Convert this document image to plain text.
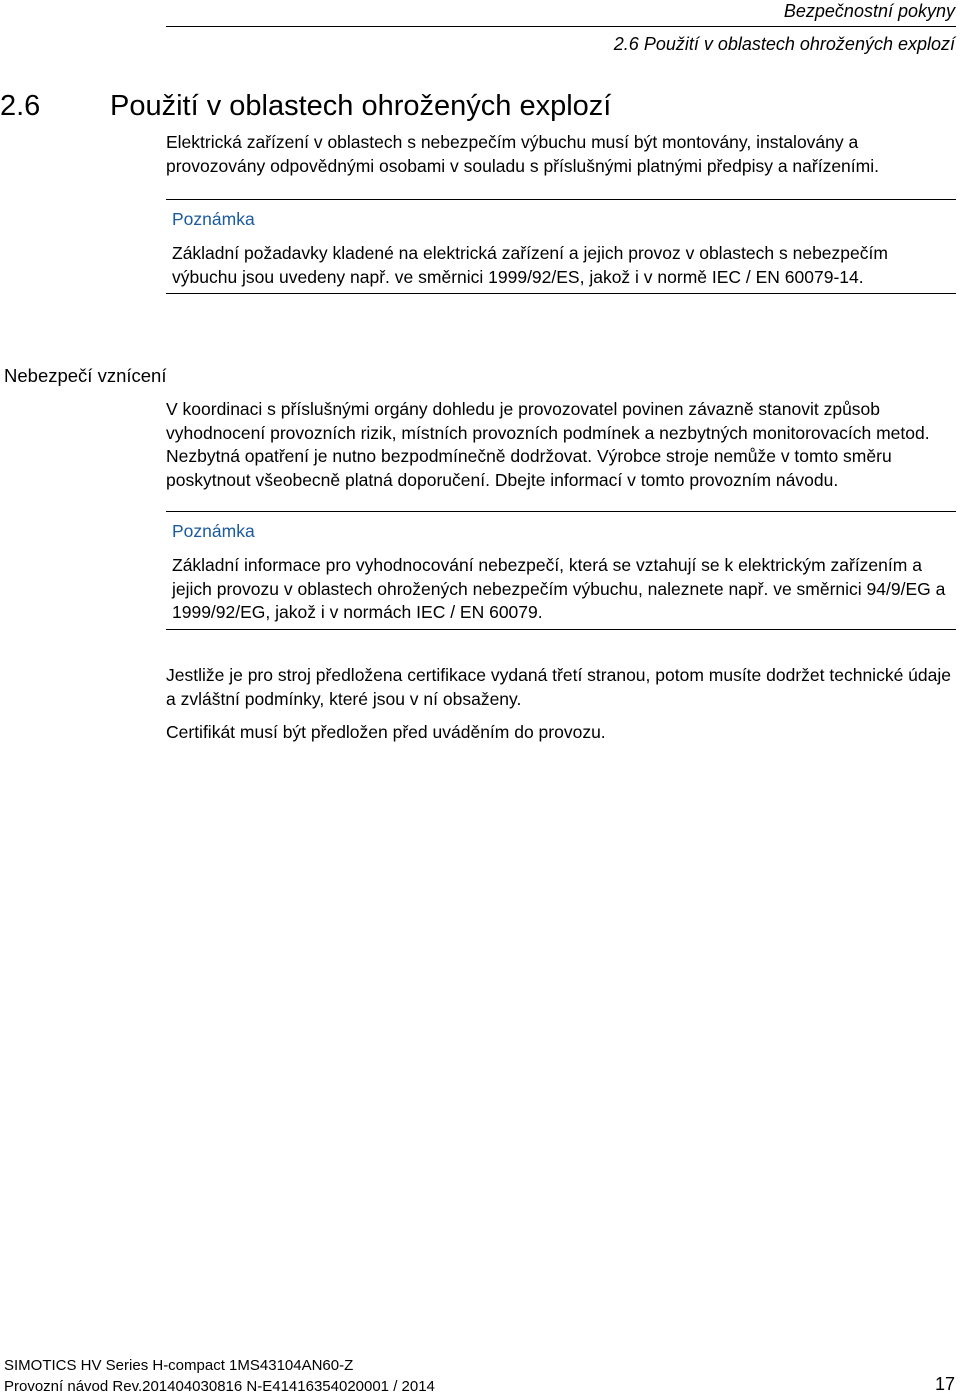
Bezpečnostní pokyny
2.6 Použití v oblastech ohrožených explozí
2.6 Použití v oblastech ohrožených explozí
Elektrická zařízení v oblastech s nebezpečím výbuchu musí být montovány, instalovány a provozovány odpovědnými osobami v souladu s příslušnými platnými předpisy a nařízeními.
Poznámka
Základní požadavky kladené na elektrická zařízení a jejich provoz v oblastech s nebezpečím výbuchu jsou uvedeny např. ve směrnici 1999/92/ES, jakož i v normě IEC / EN 60079-14.
Nebezpečí vznícení
V koordinaci s příslušnými orgány dohledu je provozovatel povinen závazně stanovit způsob vyhodnocení provozních rizik, místních provozních podmínek a nezbytných monitorovacích metod. Nezbytná opatření je nutno bezpodmínečně dodržovat. Výrobce stroje nemůže v tomto směru poskytnout všeobecně platná doporučení. Dbejte informací v tomto provozním návodu.
Poznámka
Základní informace pro vyhodnocování nebezpečí, která se vztahují se k elektrickým zařízením a jejich provozu v oblastech ohrožených nebezpečím výbuchu, naleznete např. ve směrnici 94/9/EG a 1999/92/EG, jakož i v normách IEC / EN 60079.
Jestliže je pro stroj předložena certifikace vydaná třetí stranou, potom musíte dodržet technické údaje a zvláštní podmínky, které jsou v ní obsaženy.
Certifikát musí být předložen před uváděním do provozu.
SIMOTICS HV Series H-compact 1MS43104AN60-Z
Provozní návod Rev.201404030816 N-E41416354020001 / 2014	17
